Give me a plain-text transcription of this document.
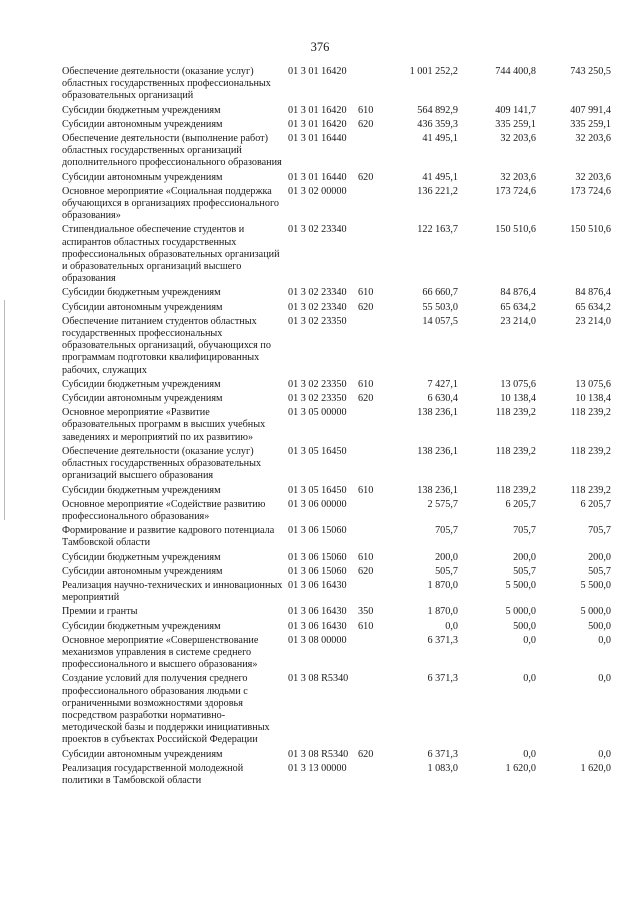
376
Обеспечение деятельности (оказание услуг) областных государственных профессиональных образовательных организаций	01 3 01 16420		1 001 252,2	744 400,8	743 250,5
Субсидии бюджетным учреждениям	01 3 01 16420	610	564 892,9	409 141,7	407 991,4
Субсидии автономным учреждениям	01 3 01 16420	620	436 359,3	335 259,1	335 259,1
Обеспечение деятельности (выполнение работ) областных государственных организаций дополнительного профессионального образования	01 3 01 16440		41 495,1	32 203,6	32 203,6
Субсидии автономным учреждениям	01 3 01 16440	620	41 495,1	32 203,6	32 203,6
Основное мероприятие «Социальная поддержка обучающихся в организациях профессионального образования»	01 3 02 00000		136 221,2	173 724,6	173 724,6
Стипендиальное обеспечение студентов и аспирантов областных государственных профессиональных образовательных организаций и образовательных организаций высшего образования	01 3 02 23340		122 163,7	150 510,6	150 510,6
Субсидии бюджетным учреждениям	01 3 02 23340	610	66 660,7	84 876,4	84 876,4
Субсидии автономным учреждениям	01 3 02 23340	620	55 503,0	65 634,2	65 634,2
Обеспечение питанием студентов областных государственных профессиональных образовательных организаций, обучающихся по программам подготовки квалифицированных рабочих, служащих	01 3 02 23350		14 057,5	23 214,0	23 214,0
Субсидии бюджетным учреждениям	01 3 02 23350	610	7 427,1	13 075,6	13 075,6
Субсидии автономным учреждениям	01 3 02 23350	620	6 630,4	10 138,4	10 138,4
Основное мероприятие «Развитие образовательных программ в высших учебных заведениях и мероприятий по их развитию»	01 3 05 00000		138 236,1	118 239,2	118 239,2
Обеспечение деятельности (оказание услуг) областных государственных образовательных организаций высшего образования	01 3 05 16450		138 236,1	118 239,2	118 239,2
Субсидии бюджетным учреждениям	01 3 05 16450	610	138 236,1	118 239,2	118 239,2
Основное мероприятие «Содействие развитию профессионального образования»	01 3 06 00000		2 575,7	6 205,7	6 205,7
Формирование и развитие кадрового потенциала Тамбовской области	01 3 06 15060		705,7	705,7	705,7
Субсидии бюджетным учреждениям	01 3 06 15060	610	200,0	200,0	200,0
Субсидии автономным учреждениям	01 3 06 15060	620	505,7	505,7	505,7
Реализация научно-технических и инновационных мероприятий	01 3 06 16430		1 870,0	5 500,0	5 500,0
Премии и гранты	01 3 06 16430	350	1 870,0	5 000,0	5 000,0
Субсидии бюджетным учреждениям	01 3 06 16430	610	0,0	500,0	500,0
Основное мероприятие «Совершенствование механизмов управления в системе среднего профессионального и высшего образования»	01 3 08 00000		6 371,3	0,0	0,0
Создание условий для получения среднего профессионального образования людьми с ограниченными возможностями здоровья посредством разработки нормативно-методической базы и поддержки инициативных проектов в субъектах Российской Федерации	01 3 08 R5340		6 371,3	0,0	0,0
Субсидии автономным учреждениям	01 3 08 R5340	620	6 371,3	0,0	0,0
Реализация государственной молодежной политики в Тамбовской области	01 3 13 00000		1 083,0	1 620,0	1 620,0
